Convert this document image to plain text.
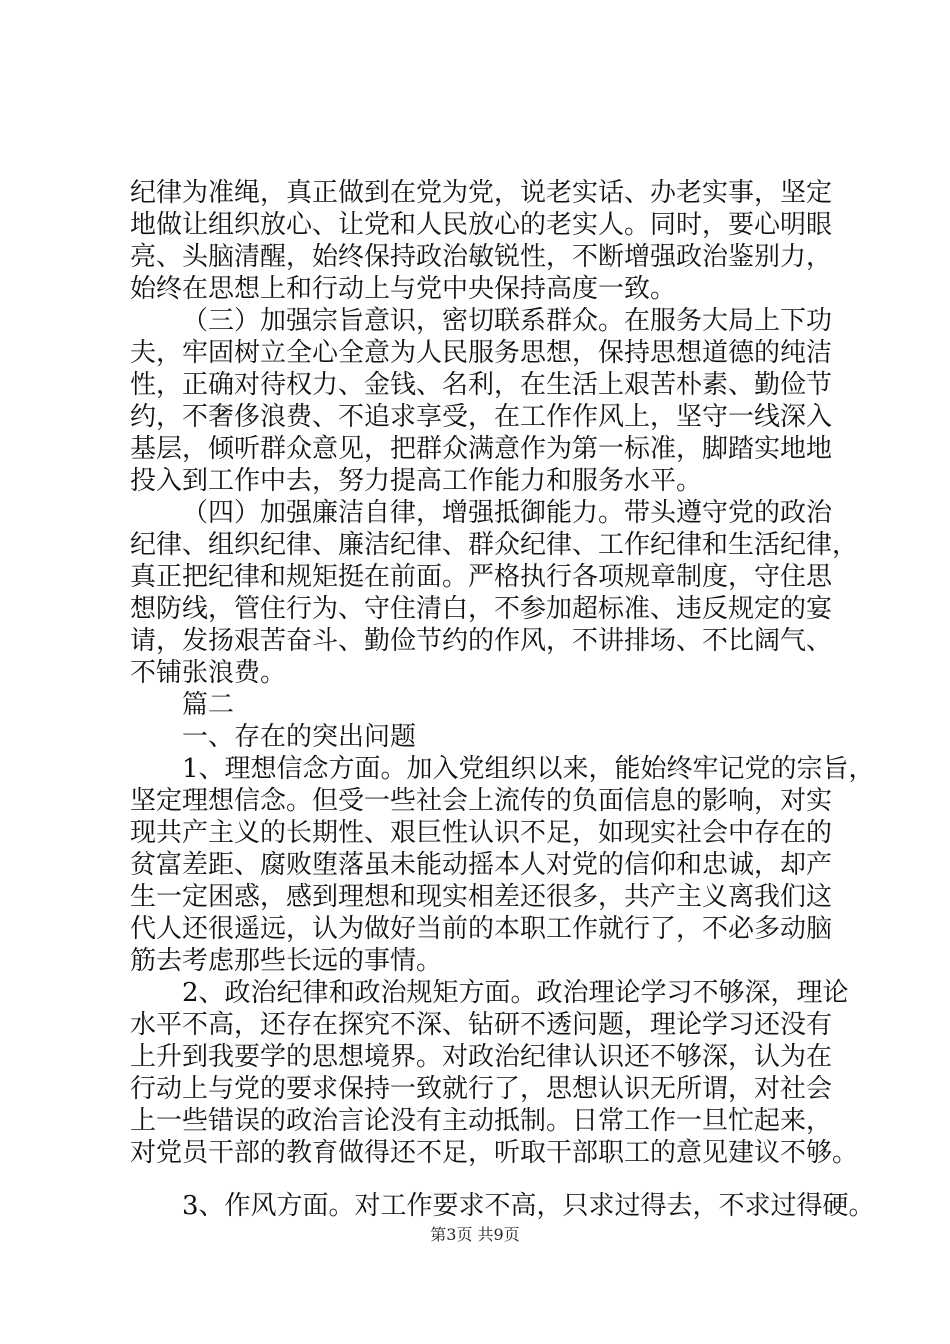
纪律为准绳，真正做到在党为党，说老实话、办老实事，坚定
地做让组织放心、让党和人民放心的老实人。同时，要心明眼
亮、头脑清醒，始终保持政治敏锐性，不断增强政治鉴别力，
始终在思想上和行动上与党中央保持高度一致。
（三）加强宗旨意识，密切联系群众。在服务大局上下功
夫，牢固树立全心全意为人民服务思想，保持思想道德的纯洁
性，正确对待权力、金钱、名利，在生活上艰苦朴素、勤俭节
约，不奢侈浪费、不追求享受，在工作作风上，坚守一线深入
基层，倾听群众意见，把群众满意作为第一标准，脚踏实地地
投入到工作中去，努力提高工作能力和服务水平。
（四）加强廉洁自律，增强抵御能力。带头遵守党的政治
纪律、组织纪律、廉洁纪律、群众纪律、工作纪律和生活纪律，
真正把纪律和规矩挺在前面。严格执行各项规章制度，守住思
想防线，管住行为、守住清白，不参加超标准、违反规定的宴
请，发扬艰苦奋斗、勤俭节约的作风，不讲排场、不比阔气、
不铺张浪费。
篇二
一、存在的突出问题
1、理想信念方面。加入党组织以来，能始终牢记党的宗旨，
坚定理想信念。但受一些社会上流传的负面信息的影响，对实
现共产主义的长期性、艰巨性认识不足，如现实社会中存在的
贫富差距、腐败堕落虽未能动摇本人对党的信仰和忠诚，却产
生一定困惑，感到理想和现实相差还很多，共产主义离我们这
代人还很遥远，认为做好当前的本职工作就行了，不必多动脑
筋去考虑那些长远的事情。
2、政治纪律和政治规矩方面。政治理论学习不够深，理论
水平不高，还存在探究不深、钻研不透问题，理论学习还没有
上升到我要学的思想境界。对政治纪律认识还不够深，认为在
行动上与党的要求保持一致就行了，思想认识无所谓，对社会
上一些错误的政治言论没有主动抵制。日常工作一旦忙起来，
对党员干部的教育做得还不足，听取干部职工的意见建议不够。
3、作风方面。对工作要求不高，只求过得去，不求过得硬。
第3页 共9页
